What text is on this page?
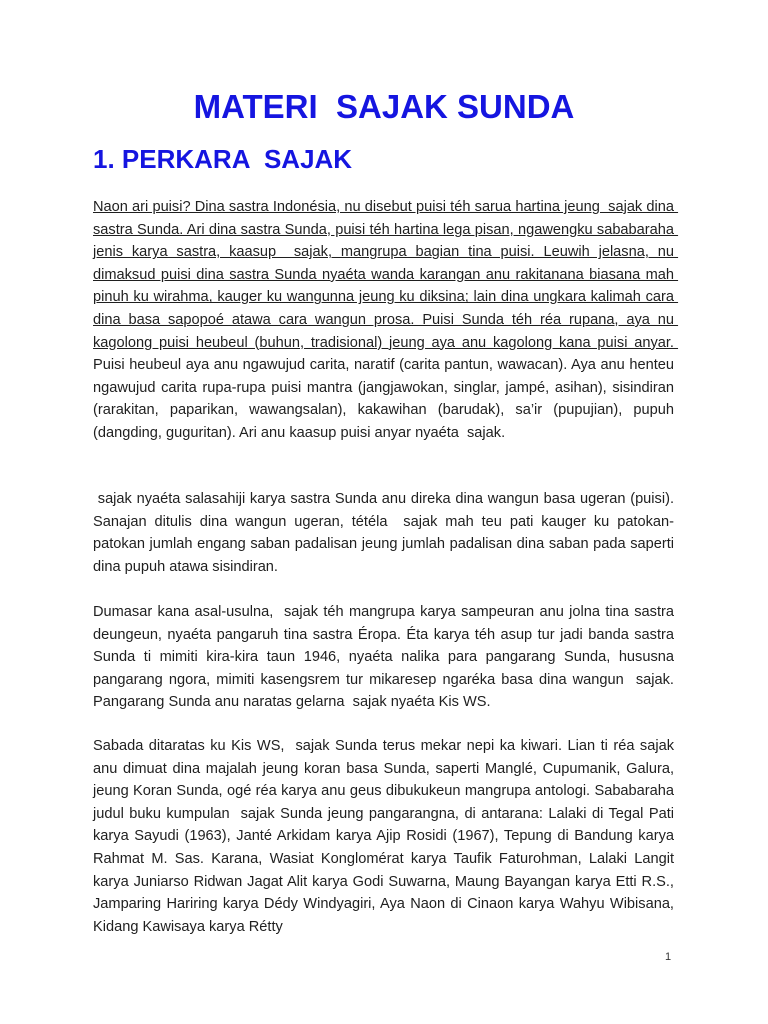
MATERI  SAJAK SUNDA
1. PERKARA  SAJAK

Naon ari puisi? Dina sastra Indonésia, nu disebut puisi téh sarua hartina jeung  sajak dina sastra Sunda. Ari dina sastra Sunda, puisi téh hartina lega pisan, ngawengku sababaraha jenis karya sastra, kaasup  sajak, mangrupa bagian tina puisi. Leuwih jelasna, nu dimaksud puisi dina sastra Sunda nyaéta wanda karangan anu rakitanana biasana mah pinuh ku wirahma, kauger ku wangunna jeung ku diksina; lain dina ungkara kalimah cara dina basa sapopoé atawa cara wangun prosa. Puisi Sunda téh réa rupana, aya nu kagolong puisi heubeul (buhun, tradisional) jeung aya anu kagolong kana puisi anyar. Puisi heubeul aya anu ngawujud carita, naratif (carita pantun, wawacan). Aya anu henteu ngawujud carita rupa-rupa puisi mantra (jangjawokan, singlar, jampé, asihan), sisindiran (rarakitan, paparikan, wawangsalan), kakawihan (barudak), sa’ir (pupujian), pupuh (dangding, guguritan). Ari anu kaasup puisi anyar nyaéta  sajak.

sajak nyaéta salasahiji karya sastra Sunda anu direka dina wangun basa ugeran (puisi). Sanajan ditulis dina wangun ugeran, tétéla  sajak mah teu pati kauger ku patokan-patokan jumlah engang saban padalisan jeung jumlah padalisan dina saban pada saperti dina pupuh atawa sisindiran.

Dumasar kana asal-usulna,  sajak téh mangrupa karya sampeuran anu jolna tina sastra deungeun, nyaéta pangaruh tina sastra Éropa. Éta karya téh asup tur jadi banda sastra Sunda ti mimiti kira-kira taun 1946, nyaéta nalika para pangarang Sunda, hususna pangarang ngora, mimiti kasengsrem tur mikaresep ngaréka basa dina wangun  sajak. Pangarang Sunda anu naratas gelarna  sajak nyaéta Kis WS.

Sabada ditaratas ku Kis WS,  sajak Sunda terus mekar nepi ka kiwari. Lian ti réa sajak anu dimuat dina majalah jeung koran basa Sunda, saperti Manglé, Cupumanik, Galura, jeung Koran Sunda, ogé réa karya anu geus dibukukeun mangrupa antologi. Sababaraha judul buku kumpulan  sajak Sunda jeung pangarangna, di antarana: Lalaki di Tegal Pati karya Sayudi (1963), Janté Arkidam karya Ajip Rosidi (1967), Tepung di Bandung karya Rahmat M. Sas. Karana, Wasiat Konglomérat karya Taufik Faturohman, Lalaki Langit karya Juniarso Ridwan Jagat Alit karya Godi Suwarna, Maung Bayangan karya Etti R.S., Jamparing Hariring karya Dédy Windyagiri, Aya Naon di Cinaon karya Wahyu Wibisana, Kidang Kawisaya karya Rétty

1
